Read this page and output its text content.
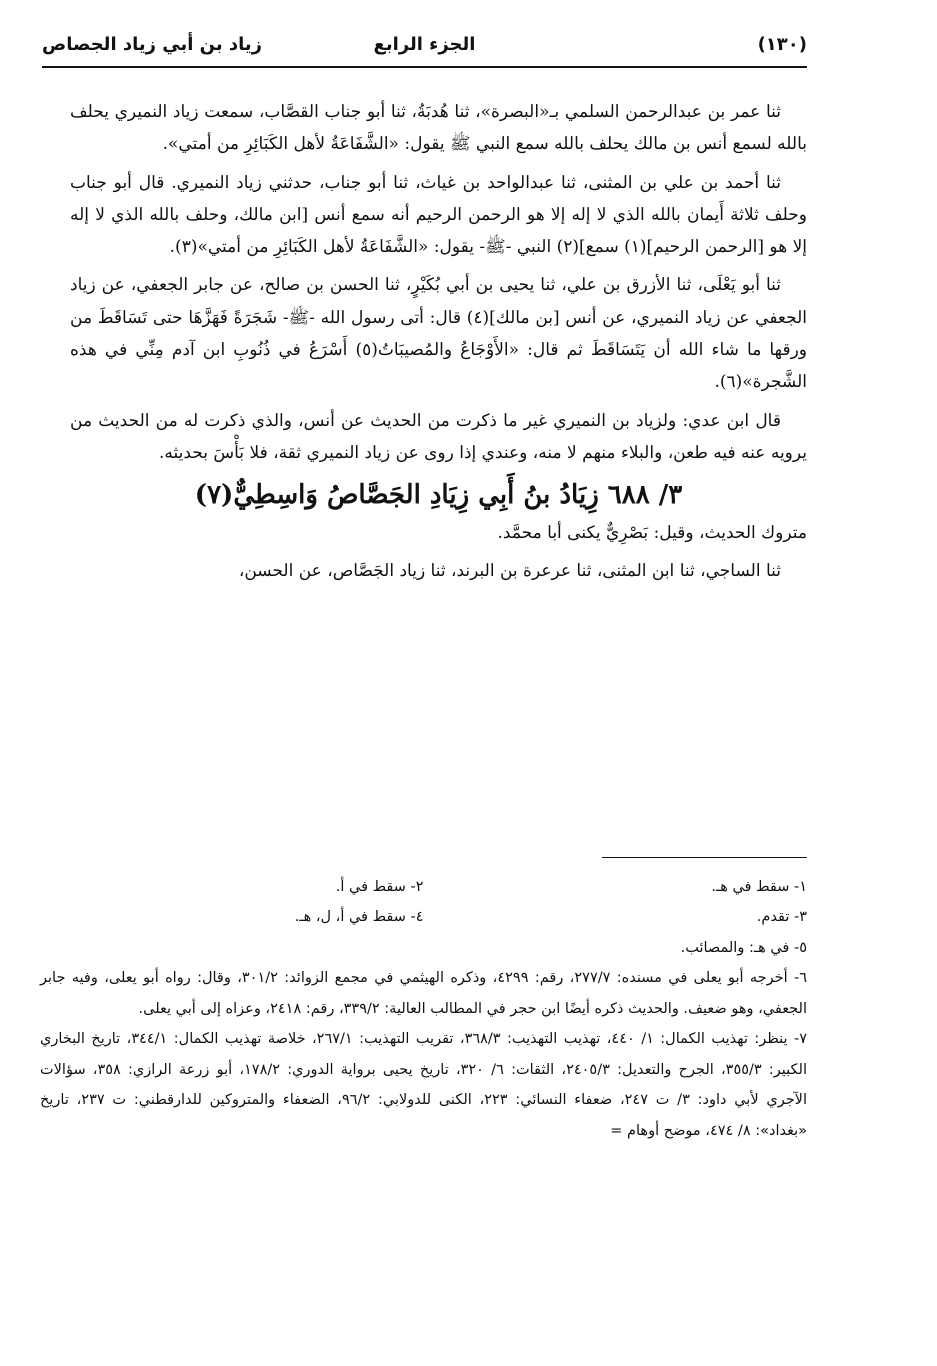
(١٣٠)
الجزء الرابع
زياد بن أبي زياد الجصاص

ثنا عمر بن عبدالرحمن السلمي بـ«البصرة»، ثنا هُدبَةُ، ثنا أبو جناب القصَّاب، سمعت زياد النميري يحلف بالله لسمع أنس بن مالك يحلف بالله سمع النبي ﷺ يقول: «الشَّفَاعَةُ لأهل الكَبَائِرِ من أمتي».

ثنا أحمد بن علي بن المثنى، ثنا عبدالواحد بن غياث، ثنا أبو جناب، حدثني زياد النميري. قال أبو جناب وحلف ثلاثة أَيمان بالله الذي لا إله إلا هو الرحمن الرحيم أنه سمع أنس [ابن مالك، وحلف بالله الذي لا إله إلا هو [الرحمن الرحيم](١) سمع](٢) النبي -ﷺ- يقول: «الشَّفَاعَةُ لأهل الكَبَائِرِ من أمتي»(٣).

ثنا أبو يَعْلَى، ثنا الأزرق بن علي، ثنا يحيى بن أبي بُكَيْرٍ، ثنا الحسن بن صالح، عن جابر الجعفي، عن زياد الجعفي عن زياد النميري، عن أنس [بن مالك](٤) قال: أتى رسول الله -ﷺ- شَجَرَةً فَهَزَّهَا حتى تَسَاقَطَ من ورقها ما شاء الله أن يَتَسَاقَطَ ثم قال: «الأَوْجَاعُ والمُصيبَاتُ(٥) أَسْرَعُ في ذُنُوبِ ابن آدم مِنِّي في هذه الشَّجرة»(٦).

قال ابن عدي: ولزياد بن النميري غير ما ذكرت من الحديث عن أنس، والذي ذكرت له من الحديث من يرويه عنه فيه طعن، والبلاء منهم لا منه، وعندي إذا روى عن زياد النميري ثقة، فلا بَأْسَ بحديثه.

٣/ ٦٨٨ زِيَادُ بنُ أَبِي زِيَادِ الجَصَّاصُ وَاسِطِيٌّ(٧)

متروك الحديث، وقيل: بَصْرِيٌّ يكنى أبا محمَّد.

ثنا الساجي، ثنا ابن المثنى، ثنا عرعرة بن البرند، ثنا زياد الجَصَّاص، عن الحسن،

١- سقط في هـ.
٢- سقط في أ.
٣- تقدم.
٤- سقط في أ، ل، هـ.

٥- في هـ: والمصائب.

٦- أخرجه أبو يعلى في مسنده: ٢٧٧/٧، رقم: ٤٢٩٩، وذكره الهيثمي في مجمع الزوائد: ٣٠١/٢، وقال: رواه أبو يعلى، وفيه جابر الجعفي، وهو ضعيف. والحديث ذكره أيضًا ابن حجر في المطالب العالية: ٣٣٩/٢، رقم: ٢٤١٨، وعزاه إلى أبي يعلى.

٧- ينظر: تهذيب الكمال: ١/ ٤٤٠، تهذيب التهذيب: ٣٦٨/٣، تقريب التهذيب: ٢٦٧/١، خلاصة تهذيب الكمال: ٣٤٤/١، تاريخ البخاري الكبير: ٣٥٥/٣، الجرح والتعديل: ٢٤٠٥/٣، الثقات: ٦/ ٣٢٠، تاريخ يحيى برواية الدوري: ١٧٨/٢، أبو زرعة الرازي: ٣٥٨، سؤالات الآجري لأبي داود: ٣/ ت ٢٤٧، ضعفاء النسائي: ٢٢٣، الكنى للدولابي: ٩٦/٢، الضعفاء والمتروكين للدارقطني: ت ٢٣٧، تاريخ «بغداد»: ٨/ ٤٧٤، موضح أوهام =
